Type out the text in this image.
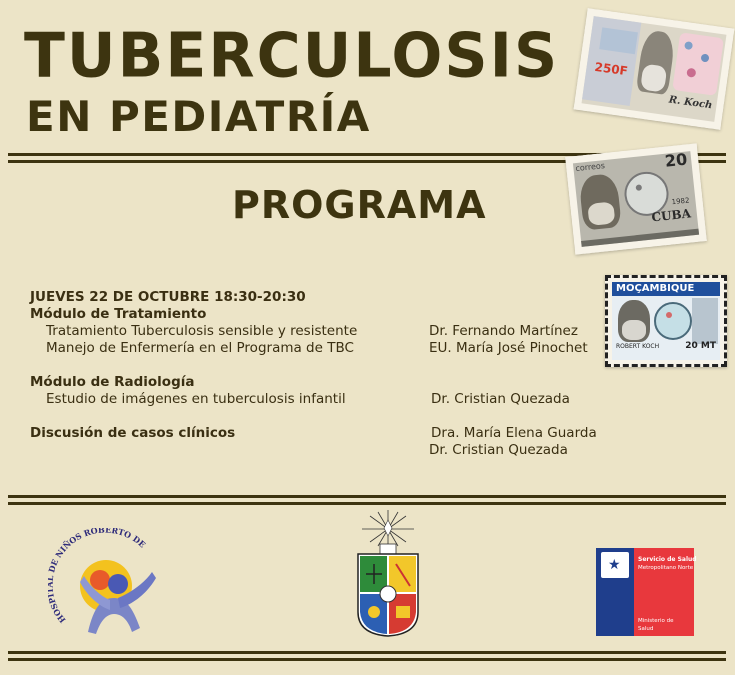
TUBERCULOSIS
EN PEDIATRÍA
PROGRAMA
250F
R. Koch
correos	20
1982
CUBA
MOÇAMBIQUE
ROBERT KOCH	20 MT
JUEVES 22 DE OCTUBRE 18:30-20:30
Módulo de Tratamiento
Tratamiento Tuberculosis sensible y resistente	Dr. Fernando Martínez
Manejo de Enfermería en el Programa de TBC	EU. María José Pinochet
Módulo de Radiología
Estudio de imágenes en tuberculosis infantil	Dr. Cristian Quezada
Discusión de casos clínicos	Dra. María Elena Guarda
Dr. Cristian Quezada
HOS E NIÑOS ROBERTO DE
★	Servicio de Salud
Metropolitano Norte
Ministerio de
Salud
